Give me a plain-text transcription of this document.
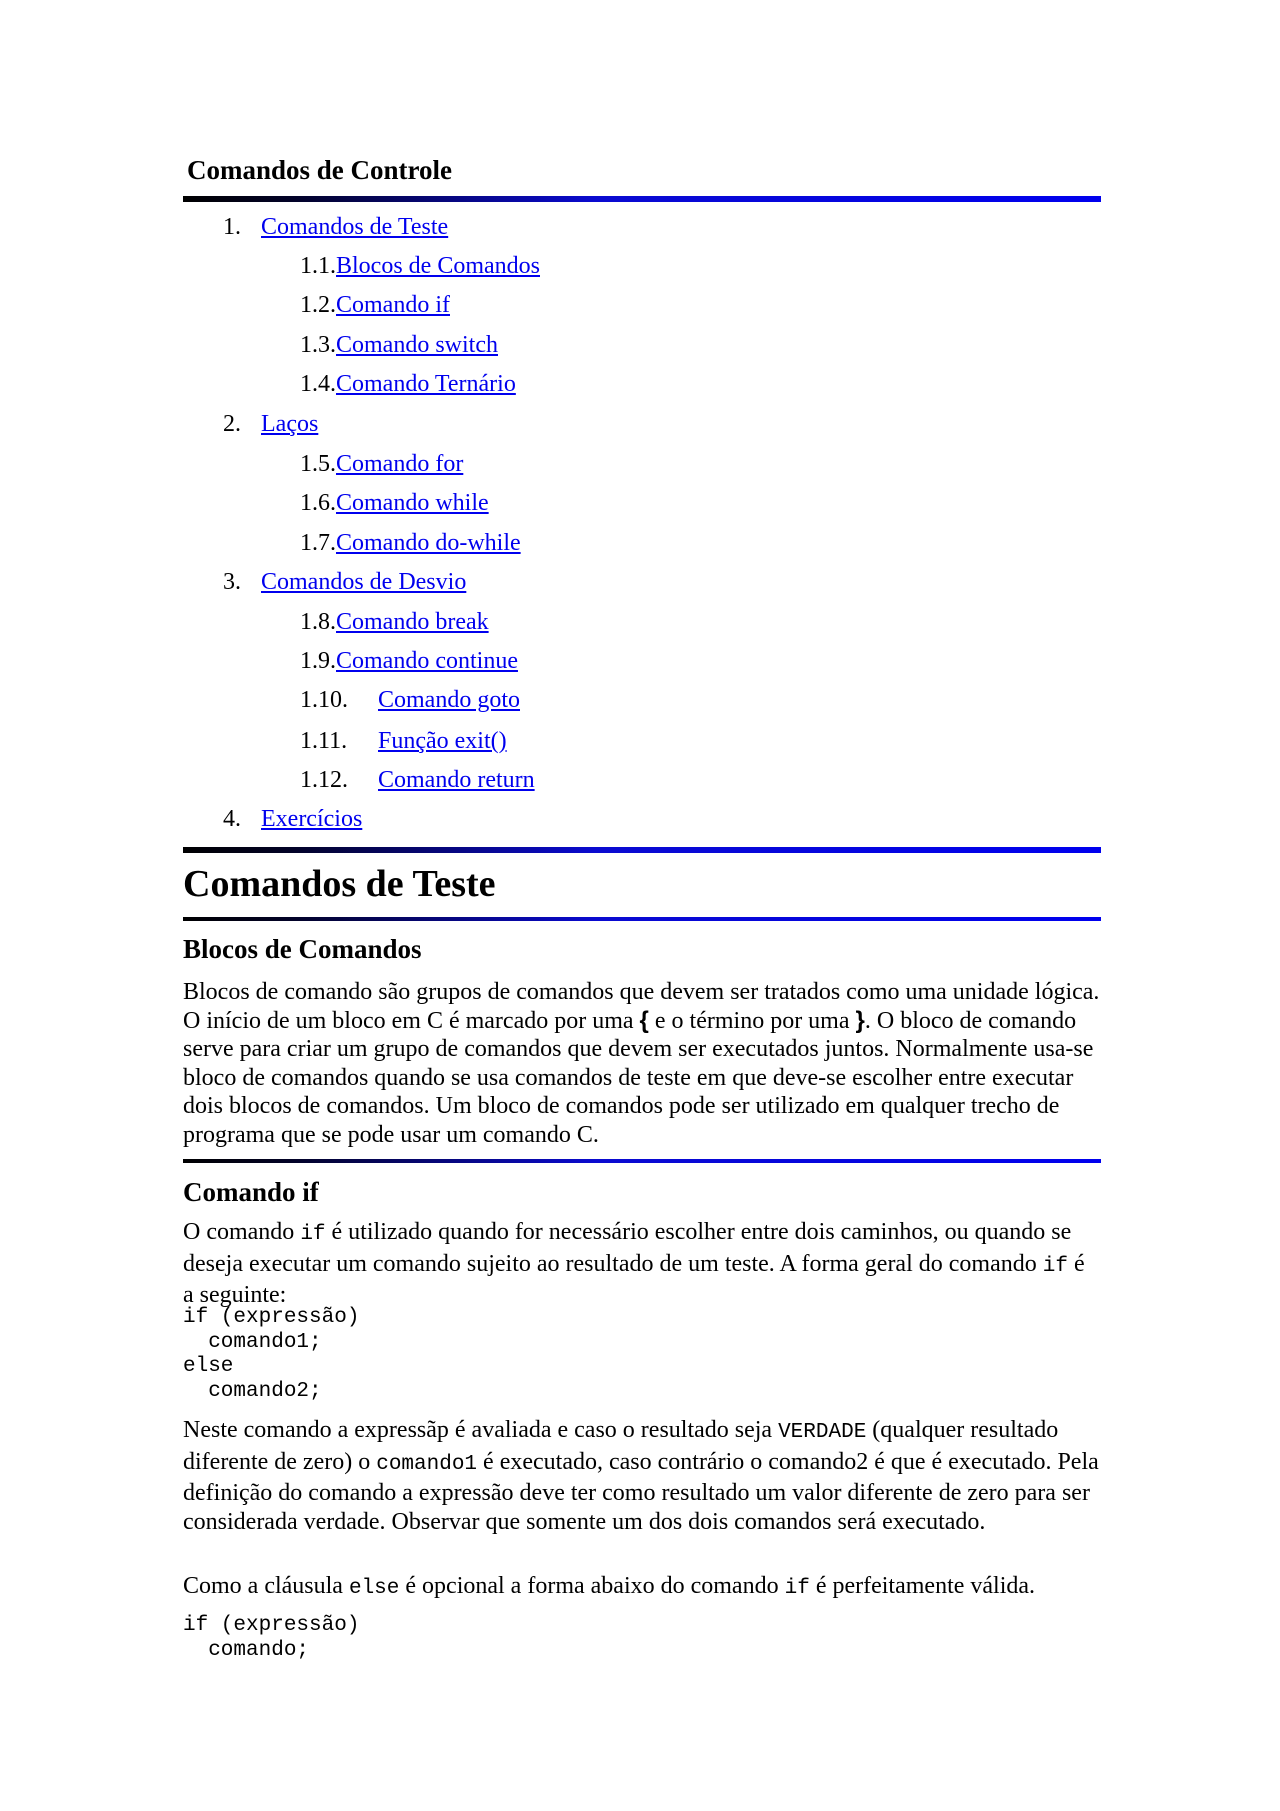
Comandos de Controle
1. Comandos de Teste
1.1.Blocos de Comandos
1.2.Comando if
1.3.Comando switch
1.4.Comando Ternário
2. Laços
1.5.Comando for
1.6.Comando while
1.7.Comando do-while
3. Comandos de Desvio
1.8.Comando break
1.9.Comando continue
1.10. Comando goto
1.11. Função exit()
1.12. Comando return
4. Exercícios
Comandos de Teste
Blocos de Comandos

Blocos de comando são grupos de comandos que devem ser tratados como uma unidade lógica. O início de um bloco em C é marcado por uma { e o término por uma }. O bloco de comando serve para criar um grupo de comandos que devem ser executados juntos. Normalmente usa-se bloco de comandos quando se usa comandos de teste em que deve-se escolher entre executar dois blocos de comandos. Um bloco de comandos pode ser utilizado em qualquer trecho de programa que se pode usar um comando C.

Comando if

O comando if é utilizado quando for necessário escolher entre dois caminhos, ou quando se deseja executar um comando sujeito ao resultado de um teste. A forma geral do comando if é a seguinte:

if (expressão)
comando1;
else
comando2;

Neste comando a expressãp é avaliada e caso o resultado seja VERDADE (qualquer resultado diferente de zero) o comando1 é executado, caso contrário o comando2 é que é executado. Pela definição do comando a expressão deve ter como resultado um valor diferente de zero para ser considerada verdade. Observar que somente um dos dois comandos será executado.

Como a cláusula else é opcional a forma abaixo do comando if é perfeitamente válida.

if (expressão)
comando;
